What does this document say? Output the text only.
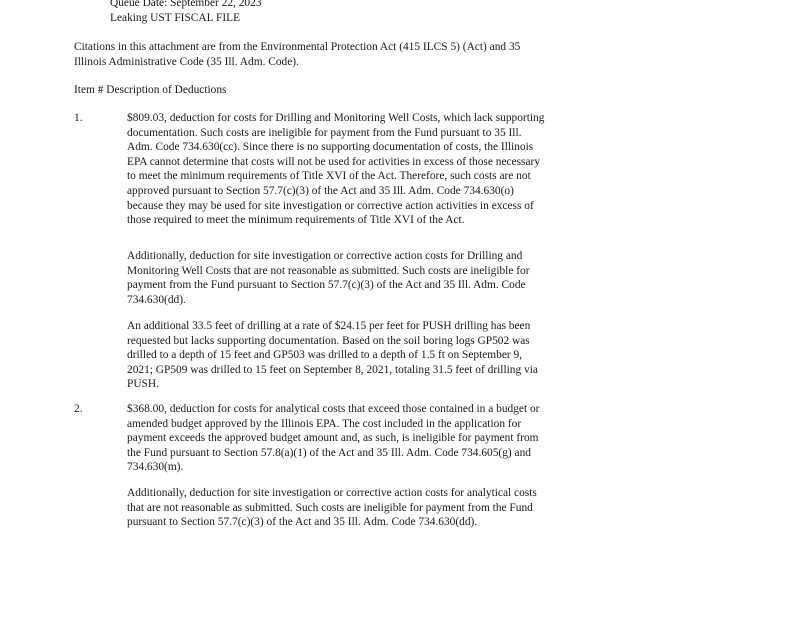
Queue Date: September 22, 2023
Leaking UST FISCAL FILE
Citations in this attachment are from the Environmental Protection Act (415 ILCS 5) (Act) and 35 Illinois Administrative Code (35 Ill. Adm. Code).
Item # Description of Deductions
1.	$809.03, deduction for costs for Drilling and Monitoring Well Costs, which lack supporting documentation. Such costs are ineligible for payment from the Fund pursuant to 35 Ill. Adm. Code 734.630(cc). Since there is no supporting documentation of costs, the Illinois EPA cannot determine that costs will not be used for activities in excess of those necessary to meet the minimum requirements of Title XVI of the Act. Therefore, such costs are not approved pursuant to Section 57.7(c)(3) of the Act and 35 Ill. Adm. Code 734.630(o) because they may be used for site investigation or corrective action activities in excess of those required to meet the minimum requirements of Title XVI of the Act.
Additionally, deduction for site investigation or corrective action costs for Drilling and Monitoring Well Costs that are not reasonable as submitted. Such costs are ineligible for payment from the Fund pursuant to Section 57.7(c)(3) of the Act and 35 Ill. Adm. Code 734.630(dd).
An additional 33.5 feet of drilling at a rate of $24.15 per feet for PUSH drilling has been requested but lacks supporting documentation. Based on the soil boring logs GP502 was drilled to a depth of 15 feet and GP503 was drilled to a depth of 1.5 ft on September 9, 2021; GP509 was drilled to 15 feet on September 8, 2021, totaling 31.5 feet of drilling via PUSH.
2.	$368.00, deduction for costs for analytical costs that exceed those contained in a budget or amended budget approved by the Illinois EPA. The cost included in the application for payment exceeds the approved budget amount and, as such, is ineligible for payment from the Fund pursuant to Section 57.8(a)(1) of the Act and 35 Ill. Adm. Code 734.605(g) and 734.630(m).
Additionally, deduction for site investigation or corrective action costs for analytical costs that are not reasonable as submitted. Such costs are ineligible for payment from the Fund pursuant to Section 57.7(c)(3) of the Act and 35 Ill. Adm. Code 734.630(dd).
